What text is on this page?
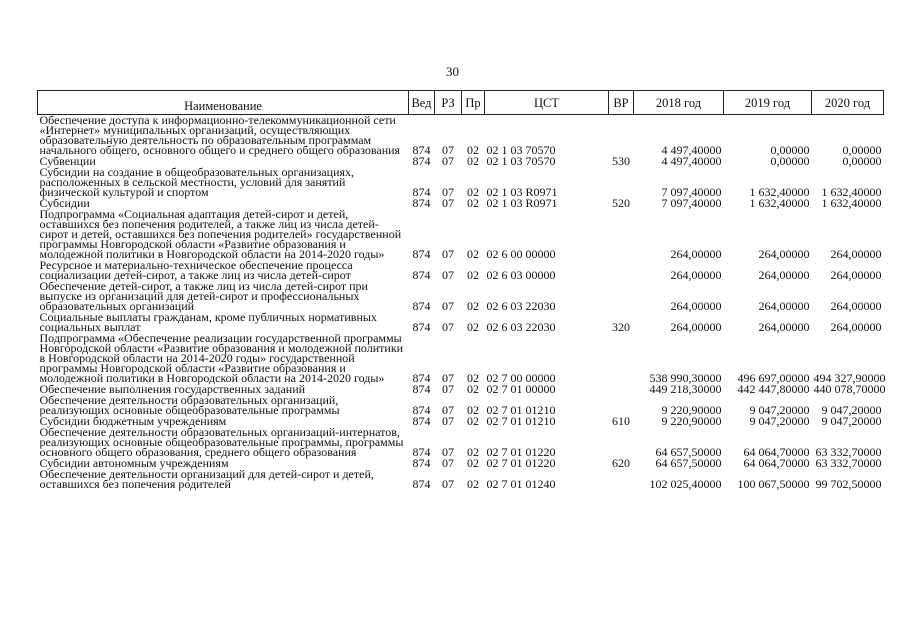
30
Наименование	Вед	РЗ	Пр	ЦСТ	ВР	2018 год	2019 год	2020 год
Обеспечение доступа к информационно-телекоммуникационной сети «Интернет» муниципальных организаций, осуществляющих образовательную деятельность по образовательным программам начального общего, основного общего и среднего общего образования	874	07	02	02 1 03 70570		4 497,40000	0,00000	0,00000
Субвенции	874	07	02	02 1 03 70570	530	4 497,40000	0,00000	0,00000
Субсидии на создание в общеобразовательных организациях, расположенных в сельской местности, условий для занятий физической культурой и спортом	874	07	02	02 1 03 R0971		7 097,40000	1 632,40000	1 632,40000
Субсидии	874	07	02	02 1 03 R0971	520	7 097,40000	1 632,40000	1 632,40000
Подпрограмма «Социальная адаптация детей-сирот и детей, оставшихся без попечения родителей, а также лиц из числа детей-сирот и детей, оставшихся без попечения родителей» государственной программы Новгородской области «Развитие образования и молодежной политики в Новгородской области на 2014-2020 годы»	874	07	02	02 6 00 00000		264,00000	264,00000	264,00000
Ресурсное и материально-техническое обеспечение процесса социализации детей-сирот, а также лиц из числа детей-сирот	874	07	02	02 6 03 00000		264,00000	264,00000	264,00000
Обеспечение детей-сирот, а также лиц из числа детей-сирот при выпуске из организаций для детей-сирот и профессиональных образовательных организаций	874	07	02	02 6 03 22030		264,00000	264,00000	264,00000
Социальные выплаты гражданам, кроме публичных нормативных социальных выплат	874	07	02	02 6 03 22030	320	264,00000	264,00000	264,00000
Подпрограмма «Обеспечение реализации государственной программы Новгородской области «Развитие образования и молодежной политики в Новгородской области на 2014-2020 годы» государственной программы Новгородской области «Развитие образования и молодежной политики в Новгородской области на 2014-2020 годы»	874	07	02	02 7 00 00000		538 990,30000	496 697,00000	494 327,90000
Обеспечение выполнения государственных заданий	874	07	02	02 7 01 00000		449 218,30000	442 447,80000	440 078,70000
Обеспечение деятельности образовательных организаций, реализующих основные общеобразовательные программы	874	07	02	02 7 01 01210		9 220,90000	9 047,20000	9 047,20000
Субсидии бюджетным учреждениям	874	07	02	02 7 01 01210	610	9 220,90000	9 047,20000	9 047,20000
Обеспечение деятельности образовательных организаций-интернатов, реализующих основные общеобразовательные программы, программы основного общего образования, среднего общего образования	874	07	02	02 7 01 01220		64 657,50000	64 064,70000	63 332,70000
Субсидии автономным учреждениям	874	07	02	02 7 01 01220	620	64 657,50000	64 064,70000	63 332,70000
Обеспечение деятельности организаций для детей-сирот и детей, оставшихся без попечения родителей	874	07	02	02 7 01 01240		102 025,40000	100 067,50000	99 702,50000
